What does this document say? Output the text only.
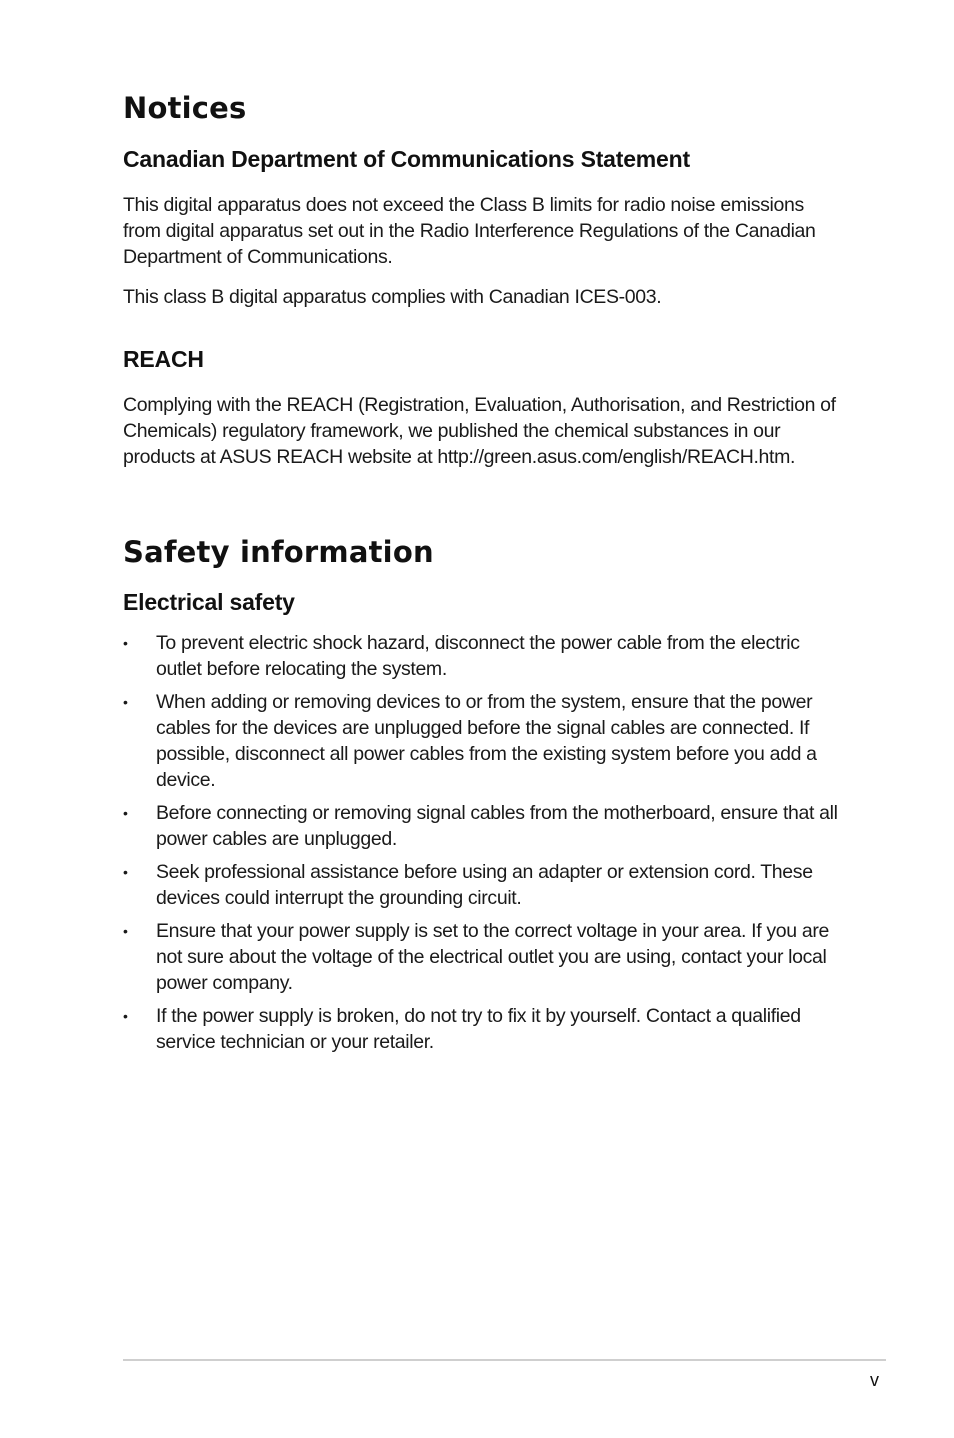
Notices
Canadian Department of Communications Statement

This digital apparatus does not exceed the Class B limits for radio noise emissions from digital apparatus set out in the Radio Interference Regulations of the Canadian Department of Communications.

This class B digital apparatus complies with Canadian ICES-003.

REACH

Complying with the REACH (Registration, Evaluation, Authorisation, and Restriction of Chemicals) regulatory framework, we published the chemical substances in our products at ASUS REACH website at http://green.asus.com/english/REACH.htm.

Safety information
Electrical safety
• To prevent electric shock hazard, disconnect the power cable from the electric outlet before relocating the system.
• When adding or removing devices to or from the system, ensure that the power cables for the devices are unplugged before the signal cables are connected. If possible, disconnect all power cables from the existing system before you add a device.
• Before connecting or removing signal cables from the motherboard, ensure that all power cables are unplugged.
• Seek professional assistance before using an adapter or extension cord. These devices could interrupt the grounding circuit.
• Ensure that your power supply is set to the correct voltage in your area. If you are not sure about the voltage of the electrical outlet you are using, contact your local power company.
• If the power supply is broken, do not try to fix it by yourself. Contact a qualified service technician or your retailer.
v
